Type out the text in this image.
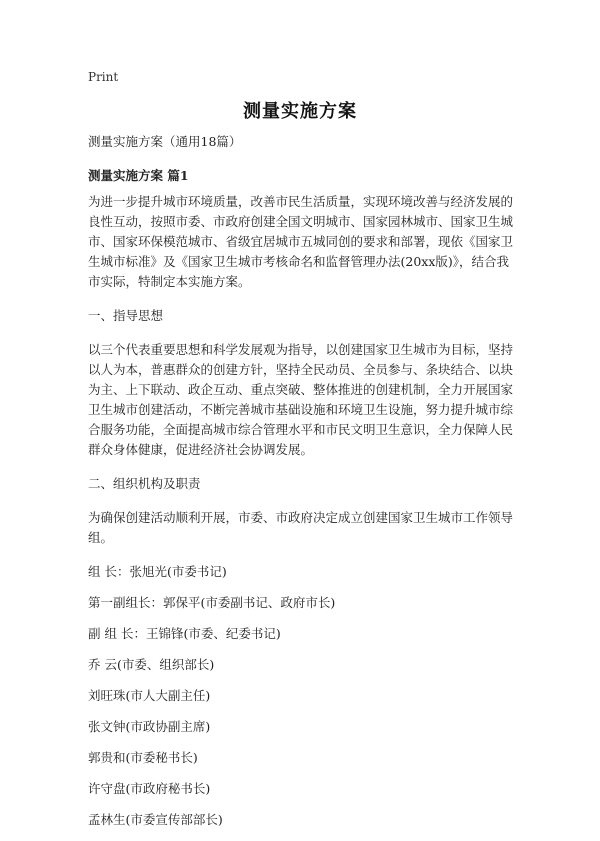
Print
测量实施方案

测量实施方案（通用18篇）

测量实施方案 篇1

为进一步提升城市环境质量，改善市民生活质量，实现环境改善与经济发展的良性互动，按照市委、市政府创建全国文明城市、国家园林城市、国家卫生城市、国家环保模范城市、省级宜居城市五城同创的要求和部署，现依《国家卫生城市标准》及《国家卫生城市考核命名和监督管理办法(20xx版)》，结合我市实际，特制定本实施方案。

一、指导思想

以三个代表重要思想和科学发展观为指导，以创建国家卫生城市为目标，坚持以人为本，普惠群众的创建方针，坚持全民动员、全员参与、条块结合、以块为主、上下联动、政企互动、重点突破、整体推进的创建机制，全力开展国家卫生城市创建活动，不断完善城市基础设施和环境卫生设施，努力提升城市综合服务功能，全面提高城市综合管理水平和市民文明卫生意识，全力保障人民群众身体健康，促进经济社会协调发展。

二、组织机构及职责

为确保创建活动顺利开展，市委、市政府决定成立创建国家卫生城市工作领导组。

组 长：张旭光(市委书记)

第一副组长：郭保平(市委副书记、政府市长)

副 组 长：王锦锋(市委、纪委书记)

乔 云(市委、组织部长)

刘旺珠(市人大副主任)

张文钟(市政协副主席)

郭贵和(市委秘书长)

许守盘(市政府秘书长)

孟林生(市委宣传部部长)
